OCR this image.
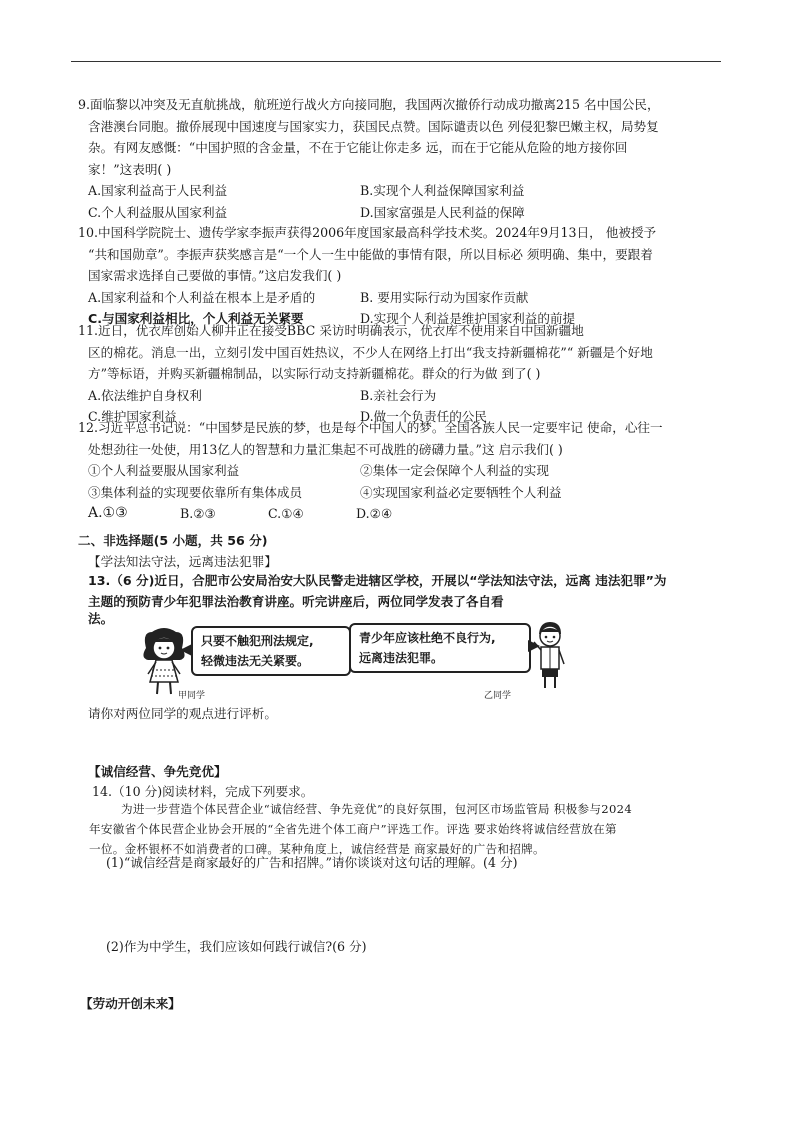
9.面临黎以冲突及无直航挑战，航班逆行战火方向接同胞，我国两次撤侨行动成功撤离215 名中国公民，

含港澳台同胞。撤侨展现中国速度与国家实力，获国民点赞。国际谴责以色 列侵犯黎巴嫩主权，局势复

杂。有网友感慨：“中国护照的含金量，不在于它能让你走多 远，而在于它能从危险的地方接你回

家！”这表明( )

A.国家利益高于人民利益	B.实现个人利益保障国家利益
C.个人利益服从国家利益	D.国家富强是人民利益的保障

10.中国科学院院士、遗传学家李振声获得2006年度国家最高科学技术奖。2024年9月13日， 他被授予

“共和国勋章”。李振声获奖感言是“一个人一生中能做的事情有限，所以目标必 须明确、集中，要跟着

国家需求选择自己要做的事情。”这启发我们( )

A.国家利益和个人利益在根本上是矛盾的	B. 要用实际行动为国家作贡献
C.与国家利益相比，个人利益无关紧要	D.实现个人利益是维护国家利益的前提

11.近日，优衣库创始人柳井正在接受BBC 采访时明确表示，优衣库不使用来自中国新疆地

区的棉花。消息一出，立刻引发中国百姓热议，不少人在网络上打出“我支持新疆棉花”“ 新疆是个好地

方”等标语，并购买新疆棉制品，以实际行动支持新疆棉花。群众的行为做 到了( )

A.依法维护自身权利	B.亲社会行为
C.维护国家利益	D.做一个负责任的公民

12.习近平总书记说：“中国梦是民族的梦，也是每个中国人的梦。全国各族人民一定要牢记 使命，心往一

处想劲往一处使，用13亿人的智慧和力量汇集起不可战胜的磅礴力量。”这 启示我们( )

①个人利益要服从国家利益	②集体一定会保障个人利益的实现
③集体利益的实现要依靠所有集体成员	④实现国家利益必定要牺牲个人利益
A.①③	B.②③	C.①④	D.②④
二、非选择题(5 小题，共 56 分)
【学法知法守法，远离违法犯罪】
13.（6 分)近日，合肥市公安局治安大队民警走进辖区学校，开展以“学法知法守法，远离 违法犯罪”为
主题的预防青少年犯罪法治教育讲座。听完讲座后，两位同学发表了各自看
法。
只要不触犯刑法规定,
轻微违法无关紧要。
青少年应该杜绝不良行为,
远离违法犯罪。
甲同学	乙同学
请你对两位同学的观点进行评析。
【诚信经营、争先竞优】
14.（10 分)阅读材料，完成下列要求。

为进一步营造个体民营企业“诚信经营、争先竞优”的良好氛围，包河区市场监管局 积极参与2024

年安徽省个体民营企业协会开展的“全省先进个体工商户”评选工作。评选 要求始终将诚信经营放在第

一位。金杯银杯不如消费者的口碑。某种角度上，诚信经营是 商家最好的广告和招牌。

(1)“诚信经营是商家最好的广告和招牌。”请你谈谈对这句话的理解。(4 分)
(2)作为中学生，我们应该如何践行诚信?(6 分)
【劳动开创未来】
